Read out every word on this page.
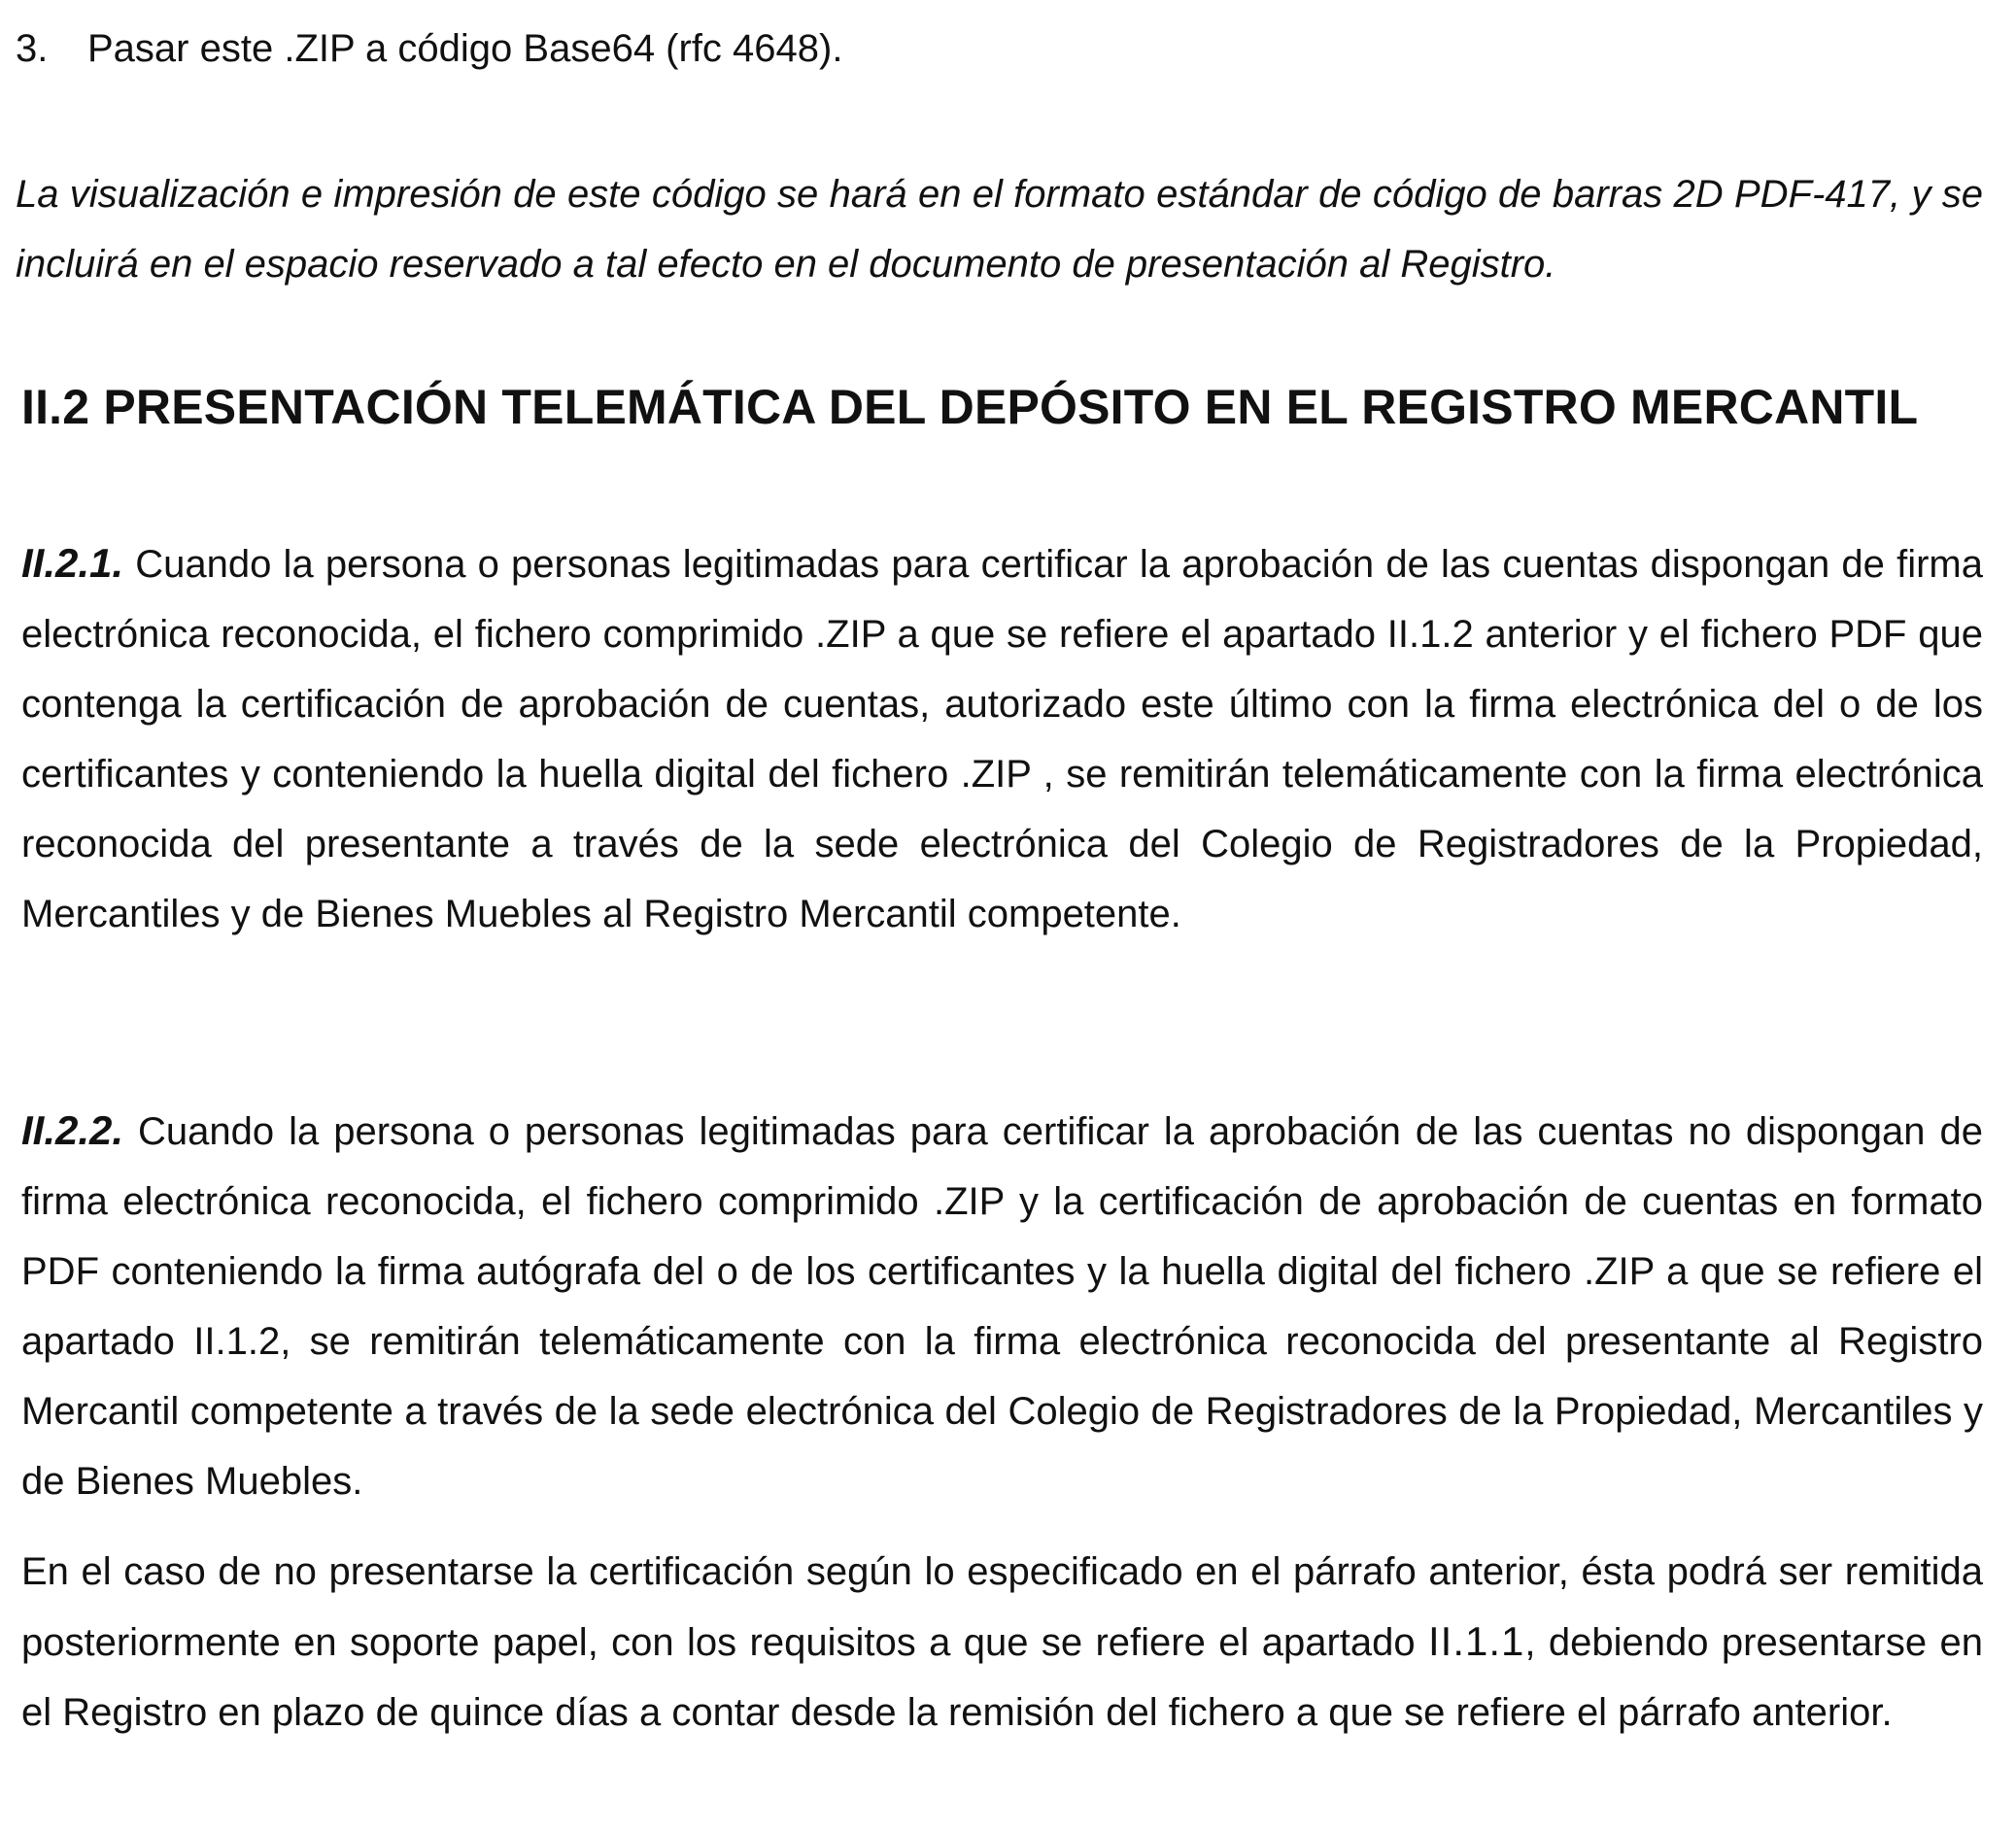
3. Pasar este .ZIP a código Base64 (rfc 4648).
La visualización e impresión de este código se hará en el formato estándar de código de barras 2D PDF-417, y se incluirá en el espacio reservado a tal efecto en el documento de presentación al Registro.
II.2 PRESENTACIÓN TELEMÁTICA DEL DEPÓSITO EN EL REGISTRO MERCANTIL
II.2.1. Cuando la persona o personas legitimadas para certificar la aprobación de las cuentas dispongan de firma electrónica reconocida, el fichero comprimido .ZIP a que se refiere el apartado II.1.2 anterior y el fichero PDF que contenga la certificación de aprobación de cuentas, autorizado este último con la firma electrónica del o de los certificantes y conteniendo la huella digital del fichero .ZIP , se remitirán telemáticamente con la firma electrónica reconocida del presentante a través de la sede electrónica del Colegio de Registradores de la Propiedad, Mercantiles y de Bienes Muebles al Registro Mercantil competente.
II.2.2. Cuando la persona o personas legitimadas para certificar la aprobación de las cuentas no dispongan de firma electrónica reconocida, el fichero comprimido .ZIP y la certificación de aprobación de cuentas en formato PDF conteniendo la firma autógrafa del o de los certificantes y la huella digital del fichero .ZIP a que se refiere el apartado II.1.2, se remitirán telemáticamente con la firma electrónica reconocida del presentante al Registro Mercantil competente a través de la sede electrónica del Colegio de Registradores de la Propiedad, Mercantiles y de Bienes Muebles.
En el caso de no presentarse la certificación según lo especificado en el párrafo anterior, ésta podrá ser remitida posteriormente en soporte papel, con los requisitos a que se refiere el apartado II.1.1, debiendo presentarse en el Registro en plazo de quince días a contar desde la remisión del fichero a que se refiere el párrafo anterior.
